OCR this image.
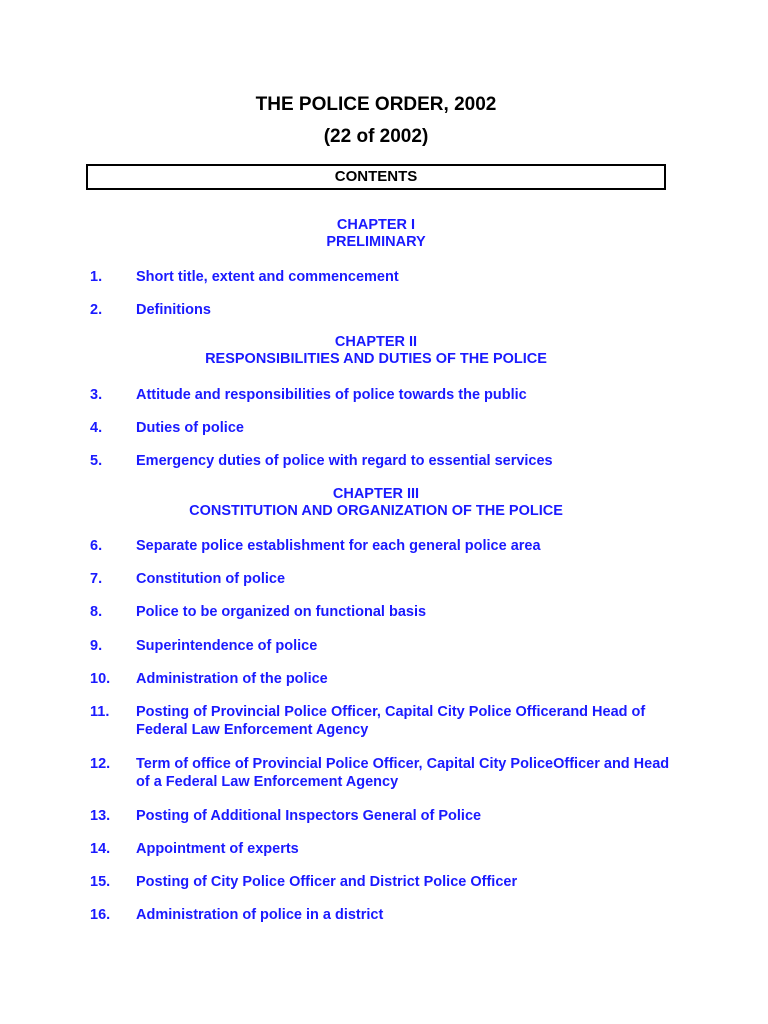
THE POLICE ORDER, 2002
(22 of 2002)
CONTENTS
CHAPTER I
PRELIMINARY
1. Short title, extent and commencement
2. Definitions
CHAPTER II
RESPONSIBILITIES AND DUTIES OF THE POLICE
3. Attitude and responsibilities of police towards the public
4. Duties of police
5. Emergency duties of police with regard to essential services
CHAPTER III
CONSTITUTION AND ORGANIZATION OF THE POLICE
6. Separate police establishment for each general police area
7. Constitution of police
8. Police to be organized on functional basis
9. Superintendence of police
10. Administration of the police
11. Posting of Provincial Police Officer, Capital City Police Officerand Head of Federal Law Enforcement Agency
12. Term of office of Provincial Police Officer, Capital City PoliceOfficer and Head of a Federal Law Enforcement Agency
13. Posting of Additional Inspectors General of Police
14. Appointment of experts
15. Posting of City Police Officer and District Police Officer
16. Administration of police in a district
